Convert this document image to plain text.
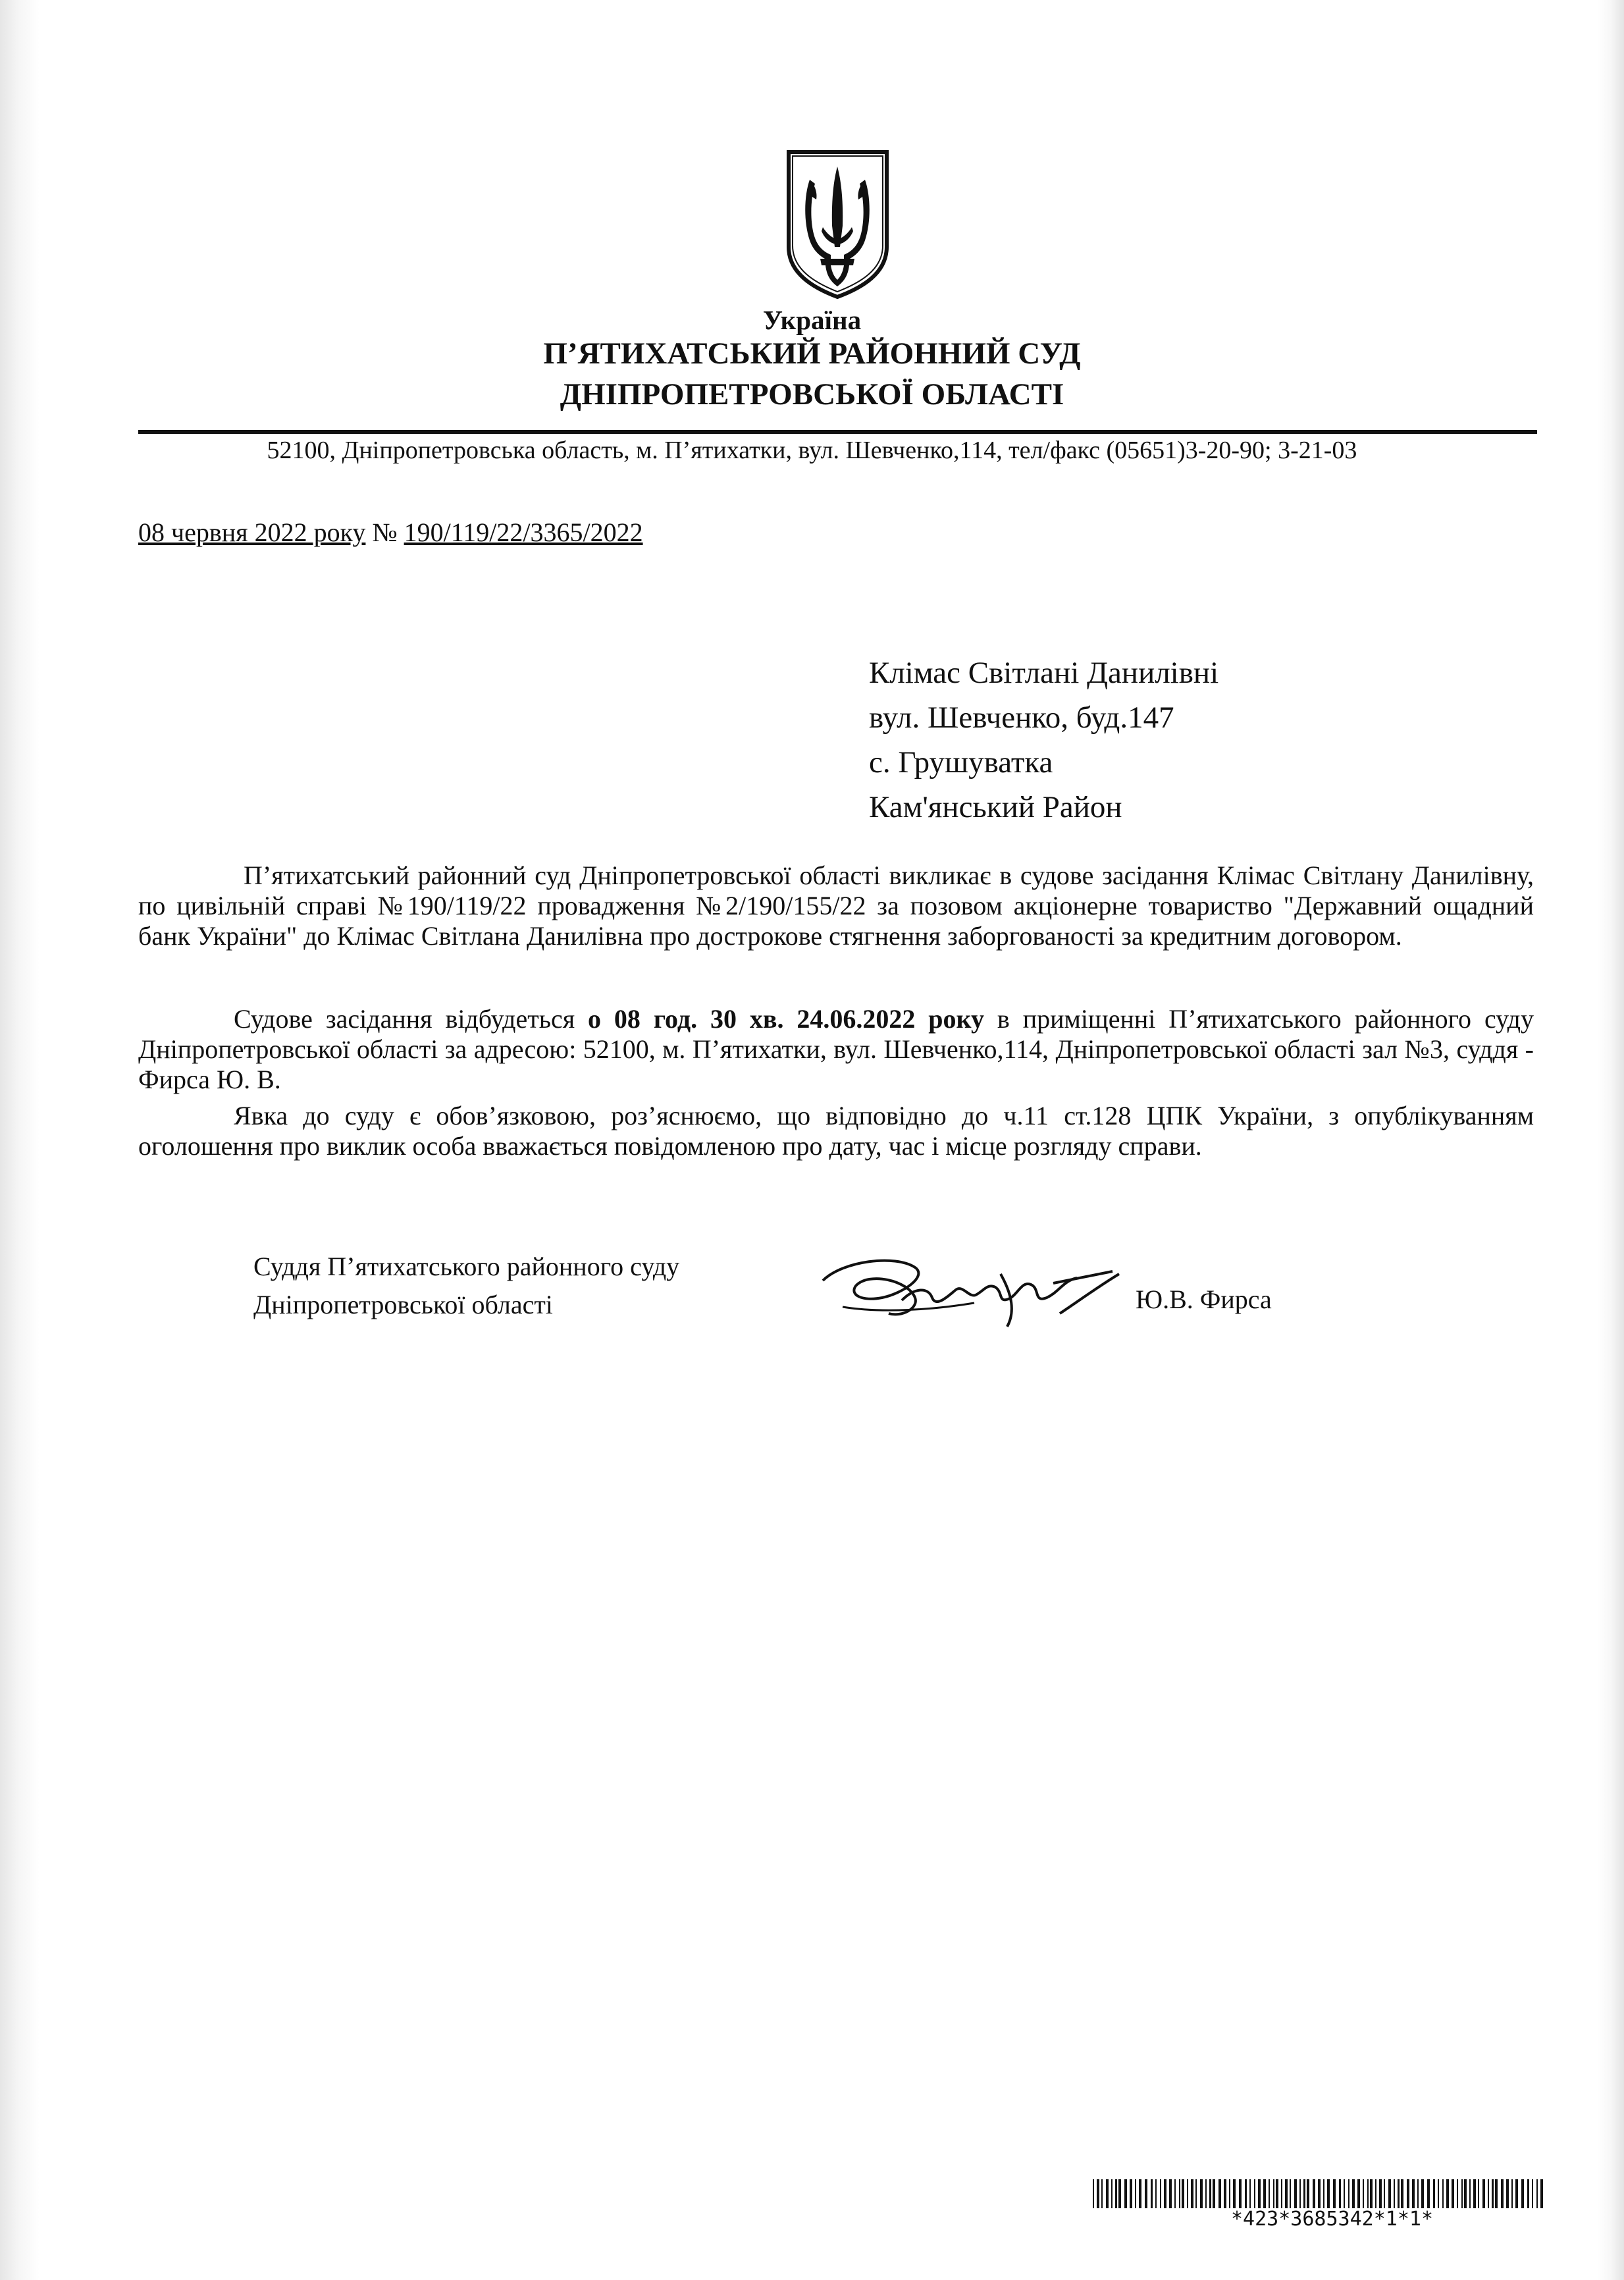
Україна
П’ЯТИХАТСЬКИЙ РАЙОННИЙ СУД
ДНІПРОПЕТРОВСЬКОЇ ОБЛАСТІ
52100, Дніпропетровська область, м. П’ятихатки, вул. Шевченко,114, тел/факс (05651)3-20-90; 3-21-03
08 червня 2022 року № 190/119/22/3365/2022
Клімас Світлані Данилівні
вул. Шевченко, буд.147
с. Грушуватка
Кам'янський Район
П’ятихатський районний суд Дніпропетровської області викликає в судове засідання Клімас Світлану Данилівну, по цивільній справі №190/119/22 провадження №2/190/155/22 за позовом акціонерне товариство "Державний ощадний банк України" до Клімас Світлана Данилівна про дострокове стягнення заборгованості за кредитним договором.
Судове засідання відбудеться о 08 год. 30 хв. 24.06.2022 року в приміщенні П’ятихатського районного суду Дніпропетровської області за адресою: 52100, м. П’ятихатки, вул. Шевченко,114, Дніпропетровської області зал №3, суддя - Фирса Ю. В.
Явка до суду є обов’язковою, роз’яснюємо, що відповідно до ч.11 ст.128 ЦПК України, з опублікуванням оголошення про виклик особа вважається повідомленою про дату, час і місце розгляду справи.
Суддя П’ятихатського районного суду
Дніпропетровської області	Ю.В. Фирса
*423*3685342*1*1*
